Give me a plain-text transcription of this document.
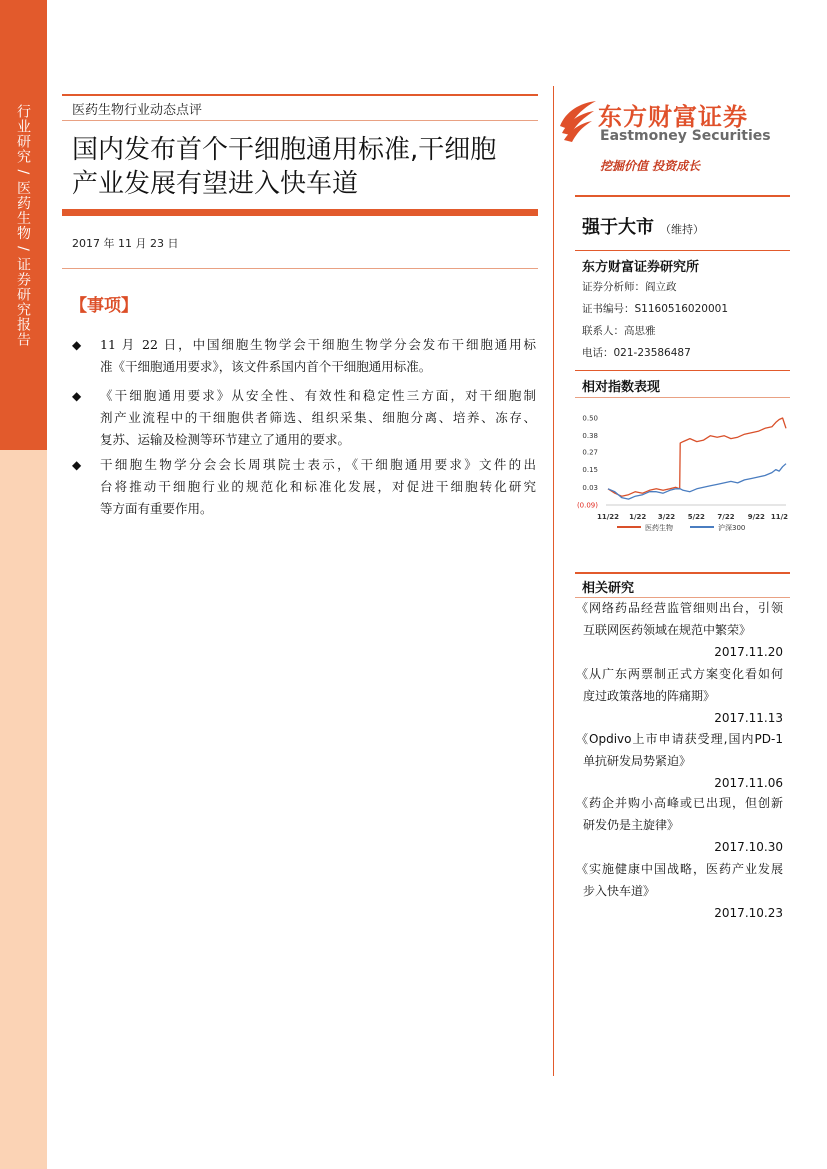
行业研究 / 医药生物 / 证券研究报告	医药生物行业动态点评
国内发布首个干细胞通用标准,干细胞
产业发展有望进入快车道
2017 年 11 月 23 日
【事项】
◆ 11 月 22 日，中国细胞生物学会干细胞生物学分会发布干细胞通用标
准《干细胞通用要求》，该文件系国内首个干细胞通用标准。
◆ 《干细胞通用要求》从安全性、有效性和稳定性三方面，对干细胞制
剂产业流程中的干细胞供者筛选、组织采集、细胞分离、培养、冻存、
复苏、运输及检测等环节建立了通用的要求。
◆ 干细胞生物学分会会长周琪院士表示，《干细胞通用要求》文件的出
台将推动干细胞行业的规范化和标准化发展，对促进干细胞转化研究
等方面有重要作用。
东方财富证券
Eastmoney Securities
挖掘价值 投资成长
强于大市 （维持）
东方财富证券研究所
证券分析师：阎立政
证书编号：S1160516020001
联系人：高思雅
电话：021-23586487
相对指数表现
医药生物	沪深300
0.50
0.38
0.27
0.15
0.03
(0.09)
11/22 1/22 3/22 5/22 7/22 9/22 11/2
相关研究
《网络药品经营监管细则出台，引领
互联网医药领域在规范中繁荣》
2017.11.20
《从广东两票制正式方案变化看如何
度过政策落地的阵痛期》
2017.11.13
《Opdivo上市申请获受理,国内PD-1
单抗研发局势紧迫》
2017.11.06
《药企并购小高峰或已出现，但创新
研发仍是主旋律》
2017.10.30
《实施健康中国战略，医药产业发展
步入快车道》
2017.10.23
